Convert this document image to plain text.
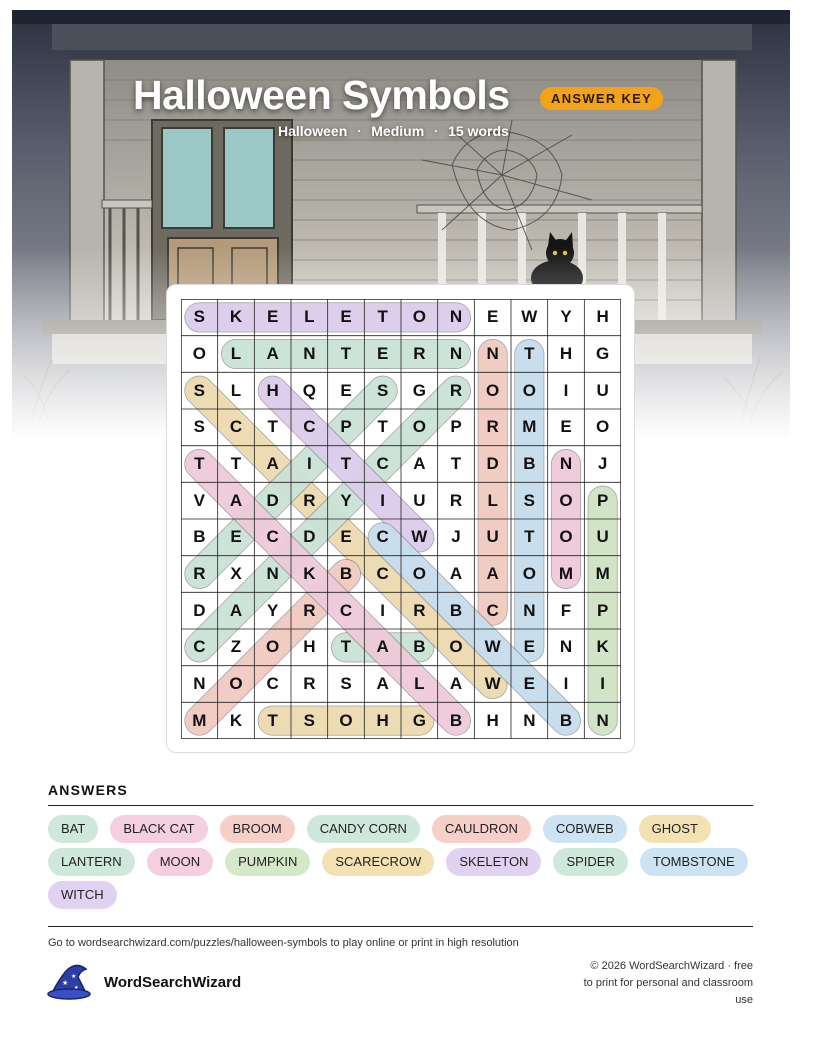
Halloween Symbols	ANSWER KEY
Halloween · Medium · 15 words
S	K	E	L	E	T	O	N	E	W	Y	H
O	L	A	N	T	E	R	N	N	T	H	G
S	L	H	Q	E	S	G	R	O	O	I	U
S	C	T	C	P	T	O	P	R	M	E	O
T	T	A	I	T	C	A	T	D	B	N	J
V	A	D	R	Y	I	U	R	L	S	O	P
B	E	C	D	E	C	W	J	U	T	O	U
R	X	N	K	B	C	O	A	A	O	M	M
D	A	Y	R	C	I	R	B	C	N	F	P
C	Z	O	H	T	A	B	O	W	E	N	K
N	O	C	R	S	A	L	A	W	E	I	I
M	K	T	S	O	H	G	B	H	N	B	N
ANSWERS
BAT	BLACK CAT	BROOM	CANDY CORN	CAULDRON	COBWEB	GHOST
LANTERN	MOON	PUMPKIN	SCARECROW	SKELETON	SPIDER	TOMBSTONE
WITCH
Go to wordsearchwizard.com/puzzles/halloween-symbols to play online or print in high resolution
★
★
★ WordSearchWizard
© 2026 WordSearchWizard · free to print for personal and classroom use
